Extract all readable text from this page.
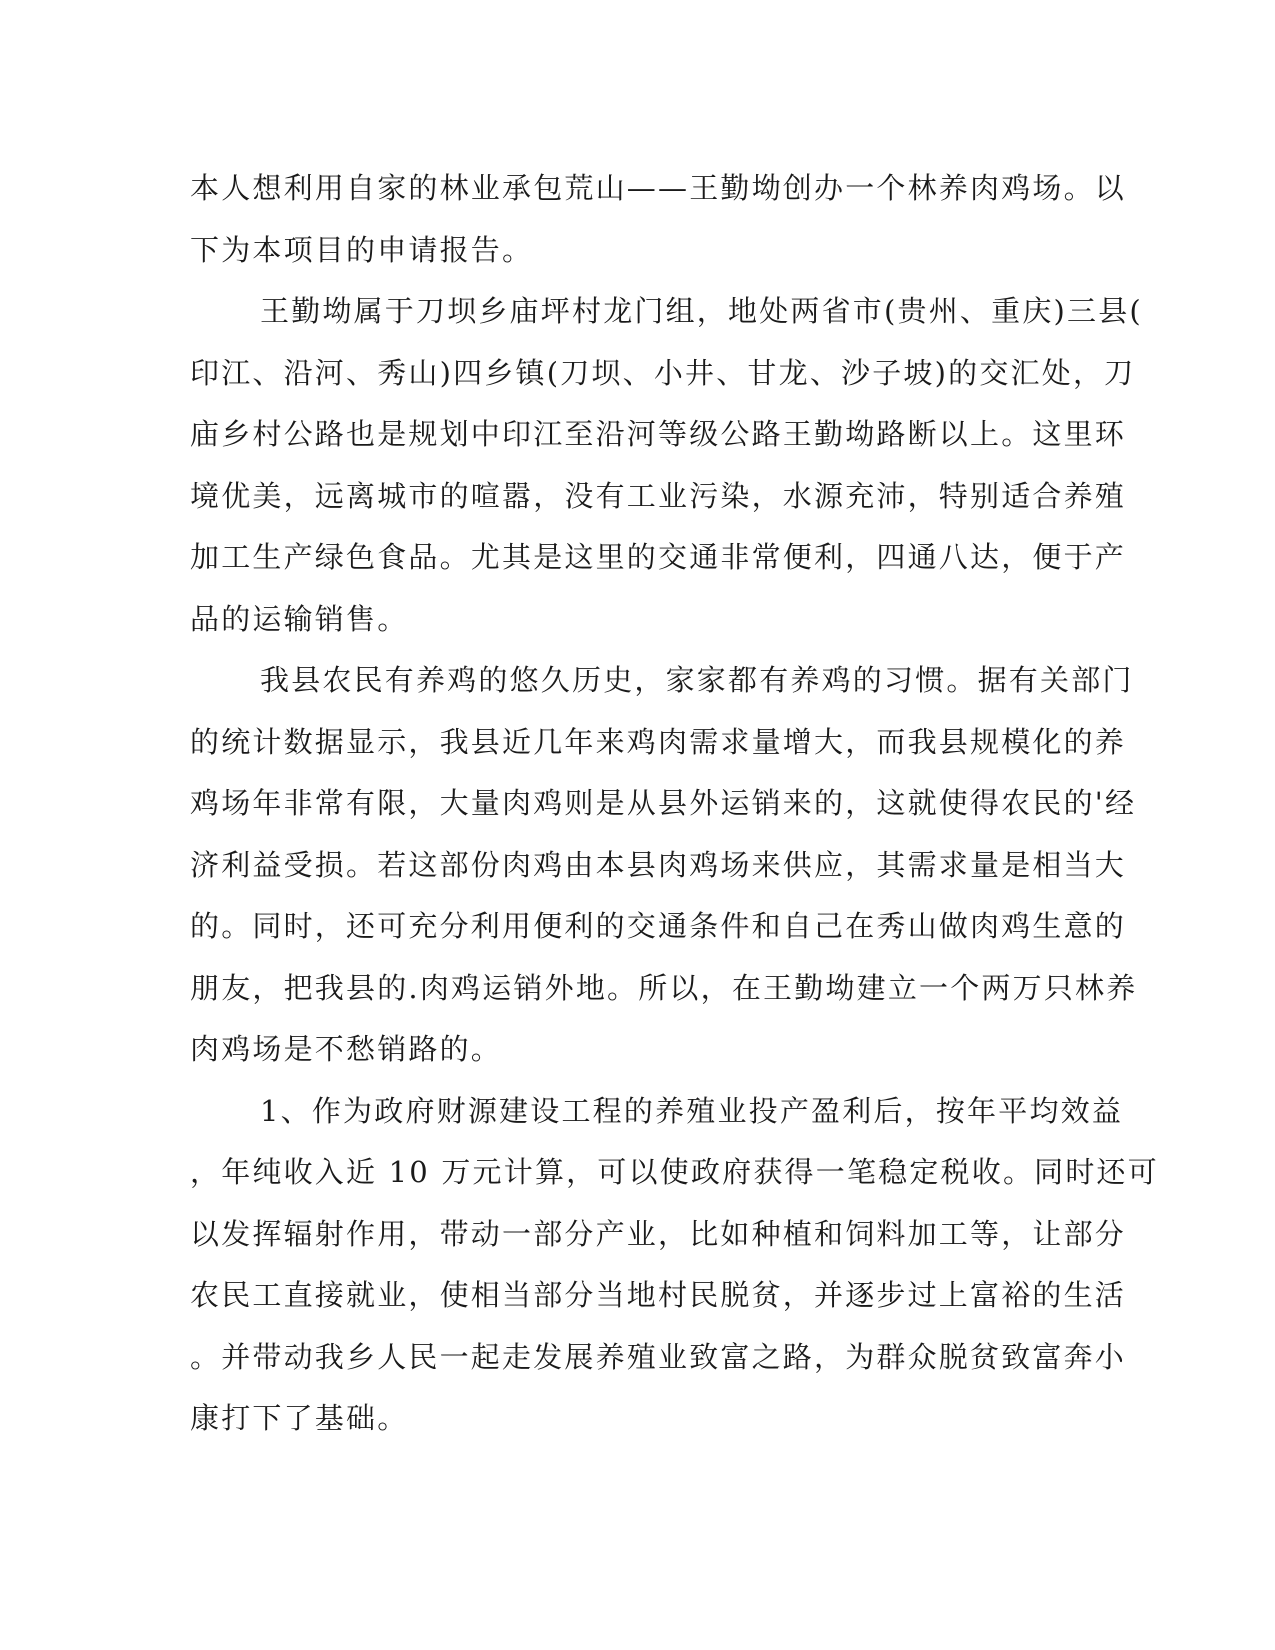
本人想利用自家的林业承包荒山——王勤坳创办一个林养肉鸡场。以
下为本项目的申请报告。
王勤坳属于刀坝乡庙坪村龙门组，地处两省市(贵州、重庆)三县(
印江、沿河、秀山)四乡镇(刀坝、小井、甘龙、沙子坡)的交汇处，刀
庙乡村公路也是规划中印江至沿河等级公路王勤坳路断以上。这里环
境优美，远离城市的喧嚣，没有工业污染，水源充沛，特别适合养殖
加工生产绿色食品。尤其是这里的交通非常便利，四通八达，便于产
品的运输销售。
我县农民有养鸡的悠久历史，家家都有养鸡的习惯。据有关部门
的统计数据显示，我县近几年来鸡肉需求量增大，而我县规模化的养
鸡场年非常有限，大量肉鸡则是从县外运销来的，这就使得农民的'经
济利益受损。若这部份肉鸡由本县肉鸡场来供应，其需求量是相当大
的。同时，还可充分利用便利的交通条件和自己在秀山做肉鸡生意的
朋友，把我县的.肉鸡运销外地。所以，在王勤坳建立一个两万只林养
肉鸡场是不愁销路的。
1、作为政府财源建设工程的养殖业投产盈利后，按年平均效益
，年纯收入近 10 万元计算，可以使政府获得一笔稳定税收。同时还可
以发挥辐射作用，带动一部分产业，比如种植和饲料加工等，让部分
农民工直接就业，使相当部分当地村民脱贫，并逐步过上富裕的生活
。并带动我乡人民一起走发展养殖业致富之路，为群众脱贫致富奔小
康打下了基础。
